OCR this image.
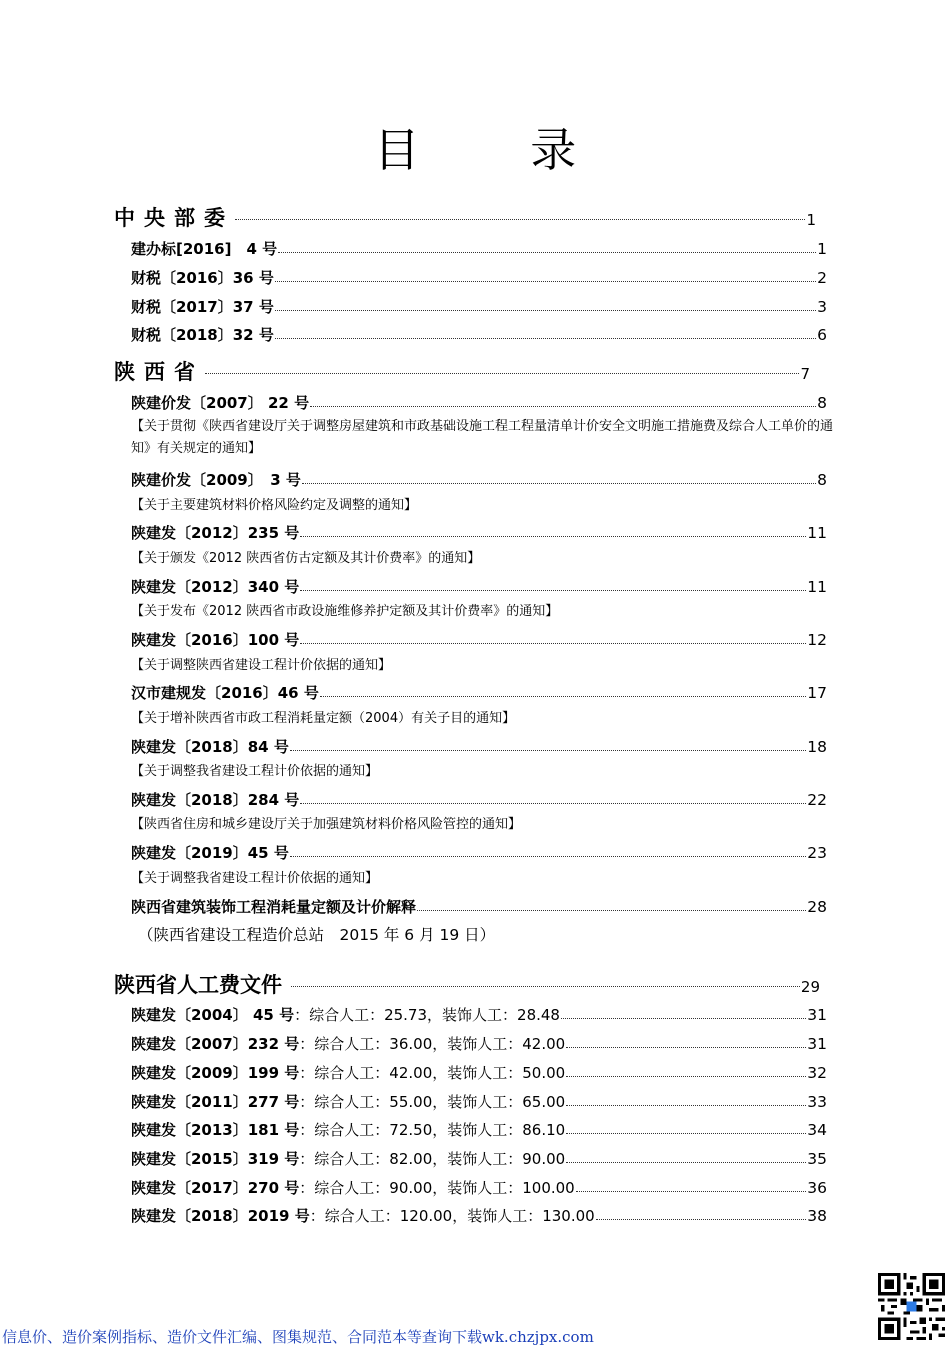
目 录
中央部委	1
建办标[2016]　4 号	1
财税〔2016〕36 号	2
财税〔2017〕37 号	3
财税〔2018〕32 号	6
陕西省	7
陕建价发〔2007〕 22 号	8
【关于贯彻《陕西省建设厅关于调整房屋建筑和市政基础设施工程工程量清单计价安全文明施工措施费及综合人工单价的通知》有关规定的通知】
陕建价发〔2009〕　3 号	8
【关于主要建筑材料价格风险约定及调整的通知】
陕建发〔2012〕235 号	11
【关于颁发《2012 陕西省仿古定额及其计价费率》的通知】
陕建发〔2012〕340 号	11
【关于发布《2012 陕西省市政设施维修养护定额及其计价费率》的通知】
陕建发〔2016〕100 号	12
【关于调整陕西省建设工程计价依据的通知】
汉市建规发〔2016〕46 号	17
【关于增补陕西省市政工程消耗量定额（2004）有关子目的通知】
陕建发〔2018〕84 号	18
【关于调整我省建设工程计价依据的通知】
陕建发〔2018〕284 号	22
【陕西省住房和城乡建设厅关于加强建筑材料价格风险管控的通知】
陕建发〔2019〕45 号	23
【关于调整我省建设工程计价依据的通知】
陕西省建筑装饰工程消耗量定额及计价解释	28
（陕西省建设工程造价总站　2015 年 6 月 19 日）
陕西省人工费文件	29
陕建发〔2004〕 45 号：综合人工：25.73，装饰人工：28.48	31
陕建发〔2007〕232 号：综合人工：36.00，装饰人工：42.00	31
陕建发〔2009〕199 号：综合人工：42.00，装饰人工：50.00	32
陕建发〔2011〕277 号：综合人工：55.00，装饰人工：65.00	33
陕建发〔2013〕181 号：综合人工：72.50，装饰人工：86.10	34
陕建发〔2015〕319 号：综合人工：82.00，装饰人工：90.00	35
陕建发〔2017〕270 号：综合人工：90.00，装饰人工：100.00	36
陕建发〔2018〕2019 号：综合人工：120.00，装饰人工：130.00	38
信息价、造价案例指标、造价文件汇编、图集规范、合同范本等查询下载wk.chzjpx.com
